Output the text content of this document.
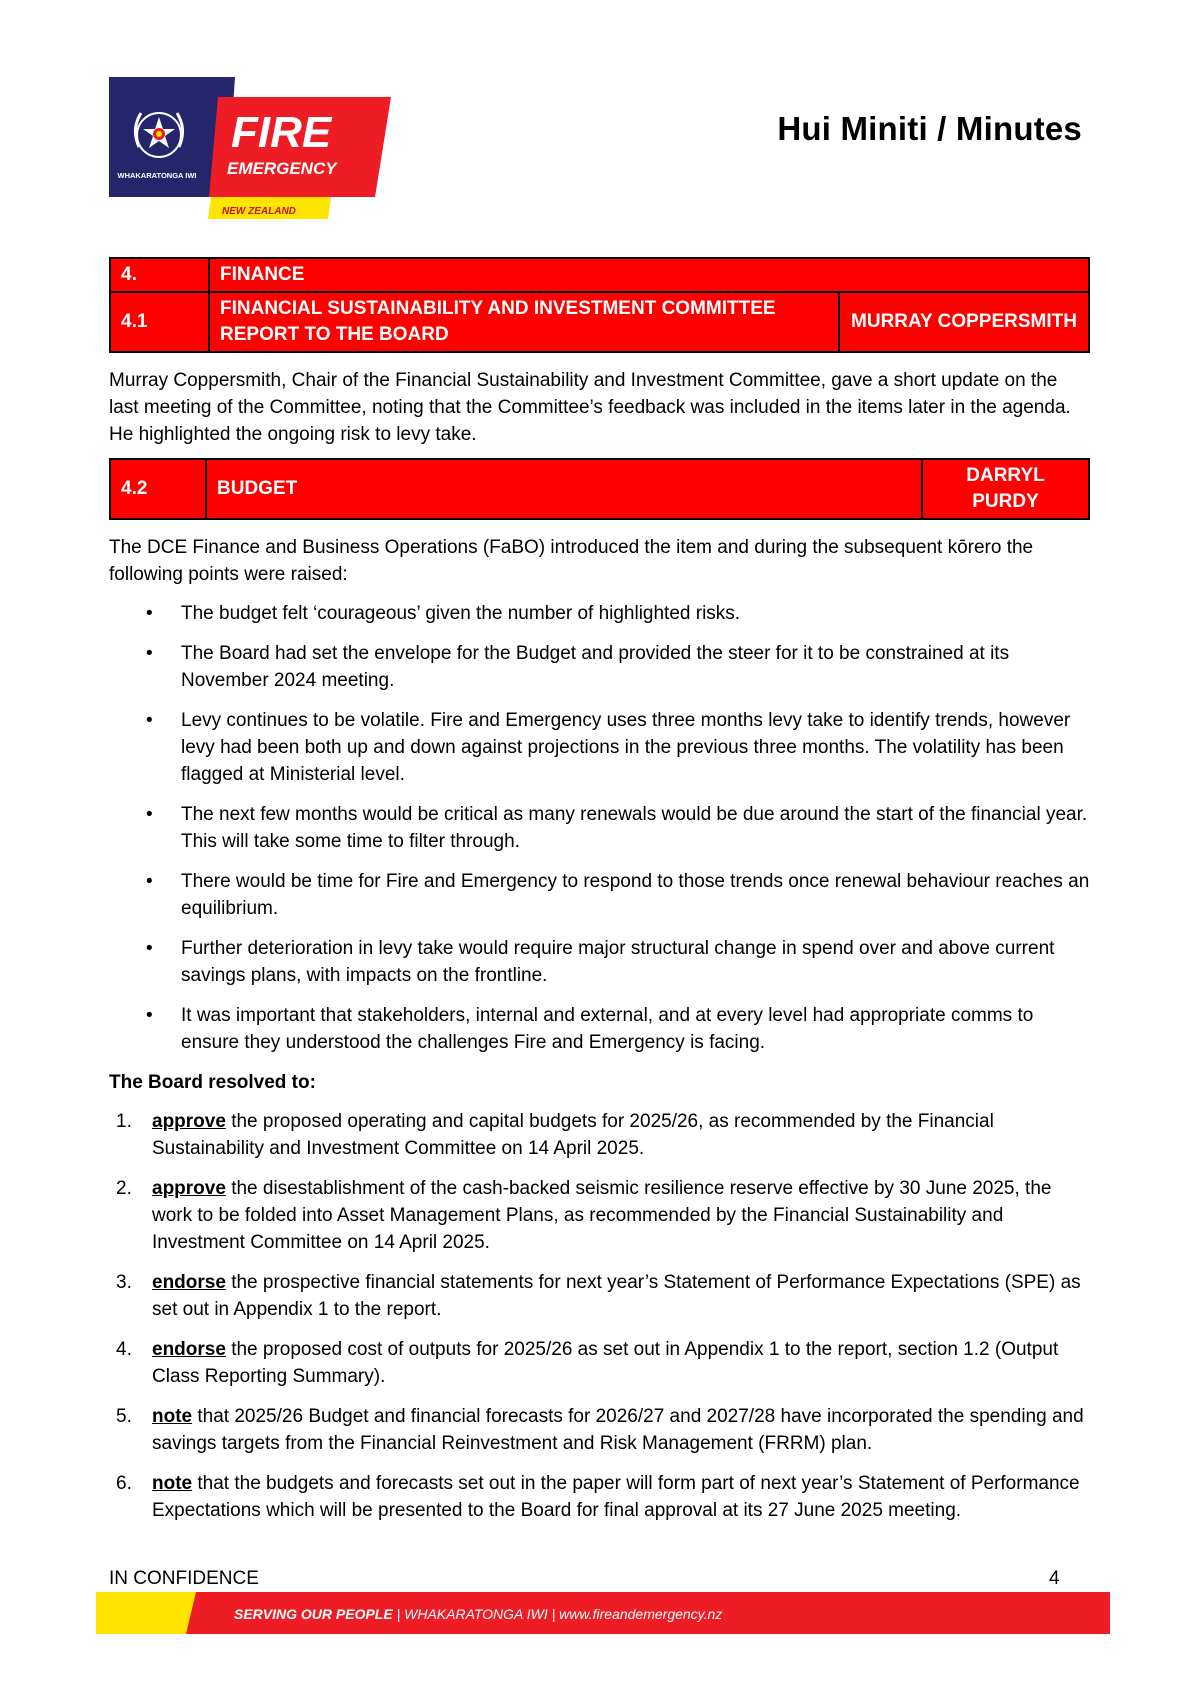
WHAKARATONGA IWI
FIRE
EMERGENCY
NEW ZEALAND
Hui Miniti / Minutes
4.	FINANCE	
4.1	FINANCIAL SUSTAINABILITY AND INVESTMENT COMMITTEE REPORT TO THE BOARD	MURRAY COPPERSMITH

Murray Coppersmith, Chair of the Financial Sustainability and Investment Committee, gave a short update on the last meeting of the Committee, noting that the Committee’s feedback was included in the items later in the agenda. He highlighted the ongoing risk to levy take.

4.2	BUDGET	DARRYL PURDY

The DCE Finance and Business Operations (FaBO) introduced the item and during the subsequent kōrero the following points were raised:

• The budget felt ‘courageous’ given the number of highlighted risks.
• The Board had set the envelope for the Budget and provided the steer for it to be constrained at its November 2024 meeting.
• Levy continues to be volatile. Fire and Emergency uses three months levy take to identify trends, however levy had been both up and down against projections in the previous three months. The volatility has been flagged at Ministerial level.
• The next few months would be critical as many renewals would be due around the start of the financial year. This will take some time to filter through.
• There would be time for Fire and Emergency to respond to those trends once renewal behaviour reaches an equilibrium.
• Further deterioration in levy take would require major structural change in spend over and above current savings plans, with impacts on the frontline.
• It was important that stakeholders, internal and external, and at every level had appropriate comms to ensure they understood the challenges Fire and Emergency is facing.
The Board resolved to:
1. approve the proposed operating and capital budgets for 2025/26, as recommended by the Financial Sustainability and Investment Committee on 14 April 2025.
2. approve the disestablishment of the cash-backed seismic resilience reserve effective by 30 June 2025, the work to be folded into Asset Management Plans, as recommended by the Financial Sustainability and Investment Committee on 14 April 2025.
3. endorse the prospective financial statements for next year’s Statement of Performance Expectations (SPE) as set out in Appendix 1 to the report.
4. endorse the proposed cost of outputs for 2025/26 as set out in Appendix 1 to the report, section 1.2 (Output Class Reporting Summary).
5. note that 2025/26 Budget and financial forecasts for 2026/27 and 2027/28 have incorporated the spending and savings targets from the Financial Reinvestment and Risk Management (FRRM) plan.
6. note that the budgets and forecasts set out in the paper will form part of next year’s Statement of Performance Expectations which will be presented to the Board for final approval at its 27 June 2025 meeting.
IN CONFIDENCE	4
SERVING OUR PEOPLE | WHAKARATONGA IWI | www.fireandemergency.nz
